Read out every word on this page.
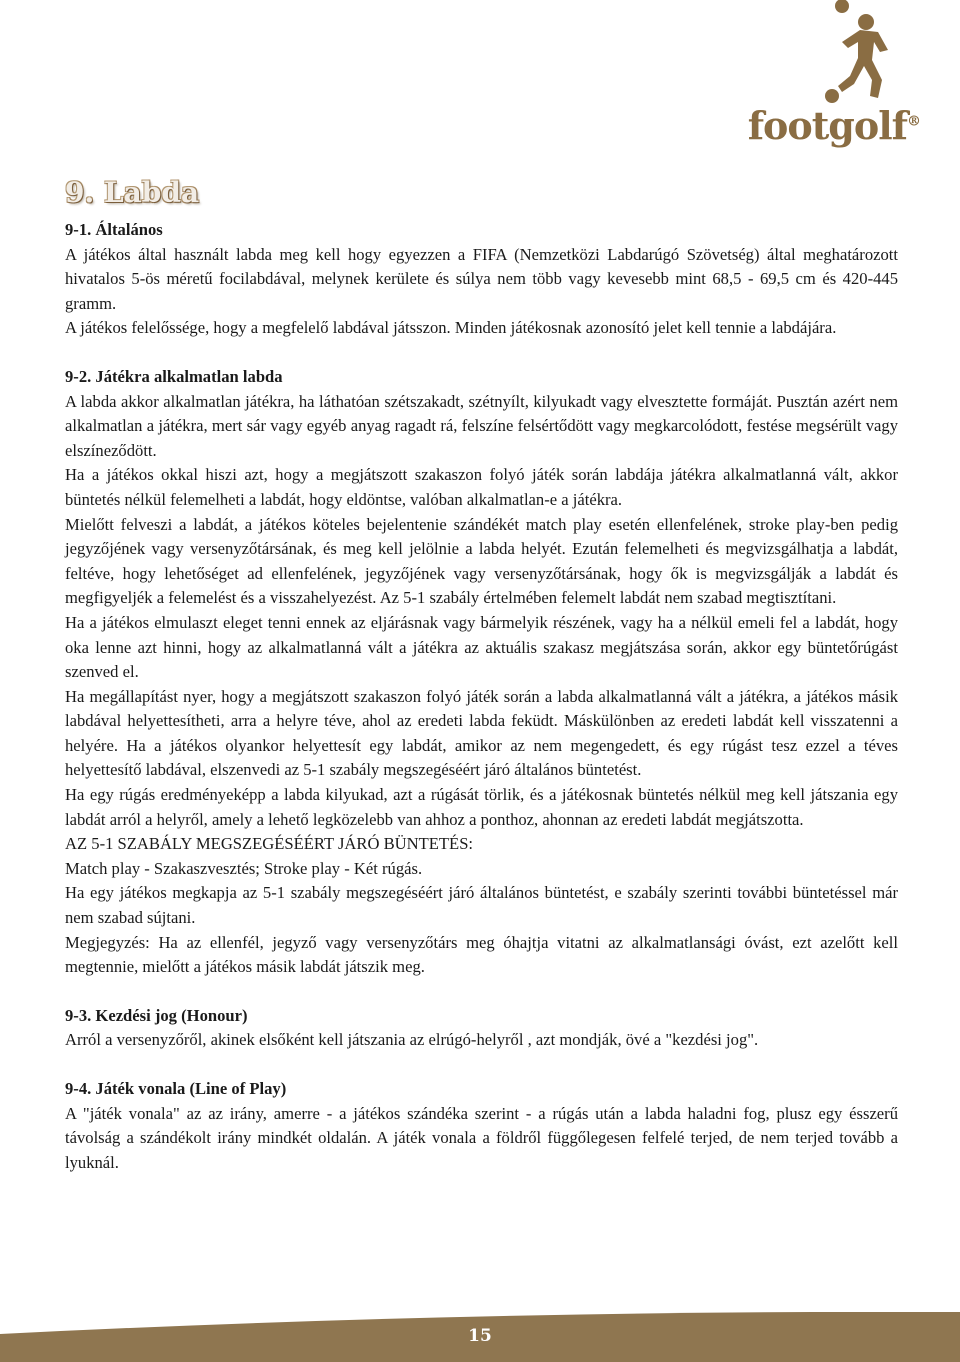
footgolf®
9. Labda
9-1. Általános

A játékos által használt labda meg kell hogy egyezzen a FIFA (Nemzetközi Labdarúgó Szövetség) által meghatározott hivatalos 5-ös méretű focilabdával, melynek kerülete és súlya nem több vagy kevesebb mint 68,5 - 69,5 cm és 420-445 gramm.

A játékos felelőssége, hogy a megfelelő labdával játsszon. Minden játékosnak azonosító jelet kell tennie a labdájára.

9-2. Játékra alkalmatlan labda

A labda akkor alkalmatlan játékra, ha láthatóan szétszakadt, szétnyílt, kilyukadt vagy elvesztette formáját. Pusztán azért nem alkalmatlan a játékra, mert sár vagy egyéb anyag ragadt rá, felszíne felsértődött vagy megkarcolódott, festése megsérült vagy elszíneződött.

Ha a játékos okkal hiszi azt, hogy a megjátszott szakaszon folyó játék során labdája játékra alkalmatlanná vált, akkor büntetés nélkül felemelheti a labdát, hogy eldöntse, valóban alkalmatlan-e a játékra.

Mielőtt felveszi a labdát, a játékos köteles bejelentenie szándékét match play esetén ellenfelének, stroke play-ben pedig jegyzőjének vagy versenyzőtársának, és meg kell jelölnie a labda helyét. Ezután felemelheti és megvizsgálhatja a labdát, feltéve, hogy lehetőséget ad ellenfelének, jegyzőjének vagy versenyzőtársának, hogy ők is megvizsgálják a labdát és megfigyeljék a felemelést és a visszahelyezést. Az 5-1 szabály értelmében felemelt labdát nem szabad megtisztítani.

Ha a játékos elmulaszt eleget tenni ennek az eljárásnak vagy bármelyik részének, vagy ha a nélkül emeli fel a labdát, hogy oka lenne azt hinni, hogy az alkalmatlanná vált a játékra az aktuális szakasz megjátszása során, akkor egy büntetőrúgást szenved el.

Ha megállapítást nyer, hogy a megjátszott szakaszon folyó játék során a labda alkalmatlanná vált a játékra, a játékos másik labdával helyettesítheti, arra a helyre téve, ahol az eredeti labda feküdt. Máskülönben az eredeti labdát kell visszatenni a helyére. Ha a játékos olyankor helyettesít egy labdát, amikor az nem megengedett, és egy rúgást tesz ezzel a téves helyettesítő labdával, elszenvedi az 5-1 szabály megszegéséért járó általános büntetést.

Ha egy rúgás eredményeképp a labda kilyukad, azt a rúgását törlik, és a játékosnak büntetés nélkül meg kell játszania egy labdát arról a helyről, amely a lehető legközelebb van ahhoz a ponthoz, ahonnan az eredeti labdát megjátszotta.

AZ 5-1 SZABÁLY MEGSZEGÉSÉÉRT JÁRÓ BÜNTETÉS:

Match play - Szakaszvesztés; Stroke play - Két rúgás.

Ha egy játékos megkapja az 5-1 szabály megszegéséért járó általános büntetést, e szabály szerinti további büntetéssel már nem szabad sújtani.

Megjegyzés: Ha az ellenfél, jegyző vagy versenyzőtárs meg óhajtja vitatni az alkalmatlansági óvást, ezt azelőtt kell megtennie, mielőtt a játékos másik labdát játszik meg.

9-3. Kezdési jog (Honour)

Arról a versenyzőről, akinek elsőként kell játszania az elrúgó-helyről , azt mondják, övé a "kezdési jog".

9-4. Játék vonala (Line of Play)

A "játék vonala" az az irány, amerre - a játékos szándéka szerint - a rúgás után a labda haladni fog, plusz egy ésszerű távolság a szándékolt irány mindkét oldalán. A játék vonala a földről függőlegesen felfelé terjed, de nem terjed tovább a lyuknál.

15
